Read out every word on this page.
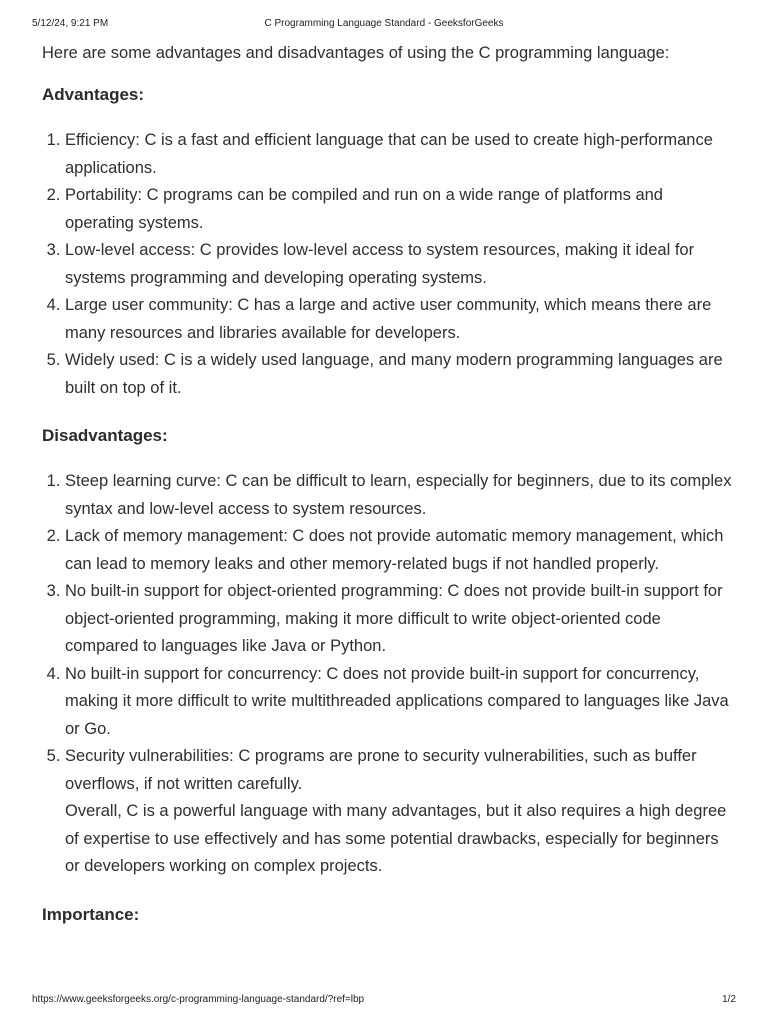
5/12/24, 9:21 PM	C Programming Language Standard - GeeksforGeeks

Here are some advantages and disadvantages of using the C programming language:

Advantages:
1. Efficiency: C is a fast and efficient language that can be used to create high-performance applications.
2. Portability: C programs can be compiled and run on a wide range of platforms and operating systems.
3. Low-level access: C provides low-level access to system resources, making it ideal for systems programming and developing operating systems.
4. Large user community: C has a large and active user community, which means there are many resources and libraries available for developers.
5. Widely used: C is a widely used language, and many modern programming languages are built on top of it.
Disadvantages:
1. Steep learning curve: C can be difficult to learn, especially for beginners, due to its complex syntax and low-level access to system resources.
2. Lack of memory management: C does not provide automatic memory management, which can lead to memory leaks and other memory-related bugs if not handled properly.
3. No built-in support for object-oriented programming: C does not provide built-in support for object-oriented programming, making it more difficult to write object-oriented code compared to languages like Java or Python.
4. No built-in support for concurrency: C does not provide built-in support for concurrency, making it more difficult to write multithreaded applications compared to languages like Java or Go.
5. Security vulnerabilities: C programs are prone to security vulnerabilities, such as buffer overflows, if not written carefully.

Overall, C is a powerful language with many advantages, but it also requires a high degree of expertise to use effectively and has some potential drawbacks, especially for beginners or developers working on complex projects.

Importance:
https://www.geeksforgeeks.org/c-programming-language-standard/?ref=lbp	1/2
